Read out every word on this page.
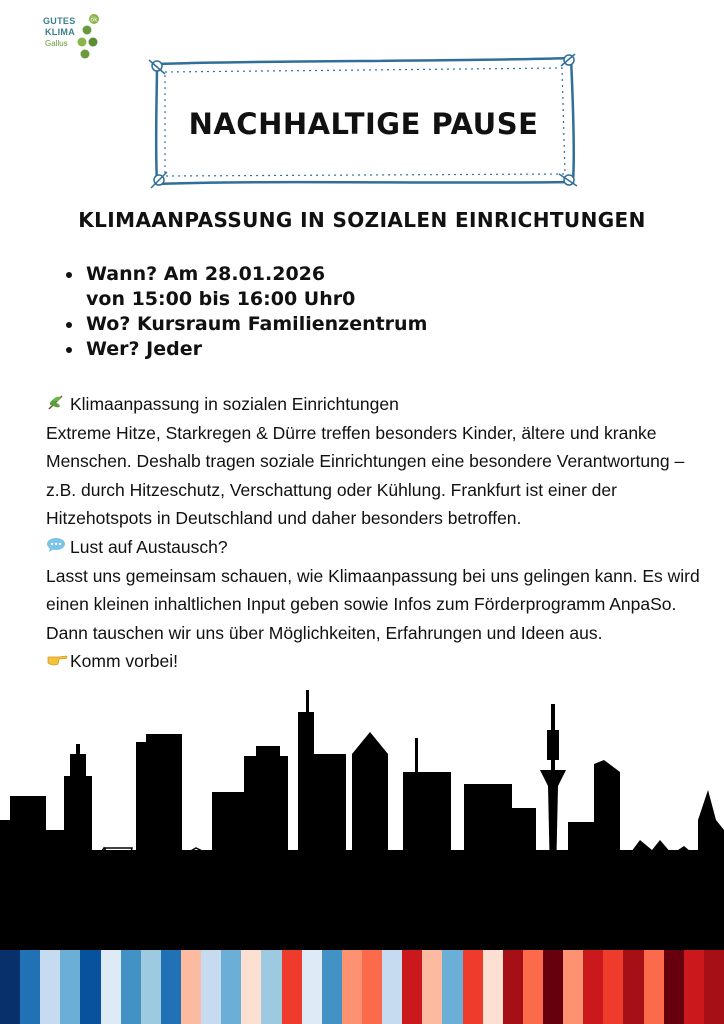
GUTES
KLIMA
Gallus
ök
NACHHALTIGE PAUSE
KLIMAANPASSUNG IN SOZIALEN EINRICHTUNGEN
Wann? Am 28.01.2026
von 15:00 bis 16:00 Uhr0
Wo? Kursraum Familienzentrum
Wer? Jeder

Klimaanpassung in sozialen Einrichtungen

Extreme Hitze, Starkregen & Dürre treffen besonders Kinder, ältere und kranke Menschen. Deshalb tragen soziale Einrichtungen eine besondere Verantwortung – z.B. durch Hitzeschutz, Verschattung oder Kühlung. Frankfurt ist einer der Hitzehotspots in Deutschland und daher besonders betroffen.

Lust auf Austausch?

Lasst uns gemeinsam schauen, wie Klimaanpassung bei uns gelingen kann. Es wird einen kleinen inhaltlichen Input geben sowie Infos zum Förderprogramm AnpaSo. Dann tauschen wir uns über Möglichkeiten, Erfahrungen und Ideen aus.

Komm vorbei!
